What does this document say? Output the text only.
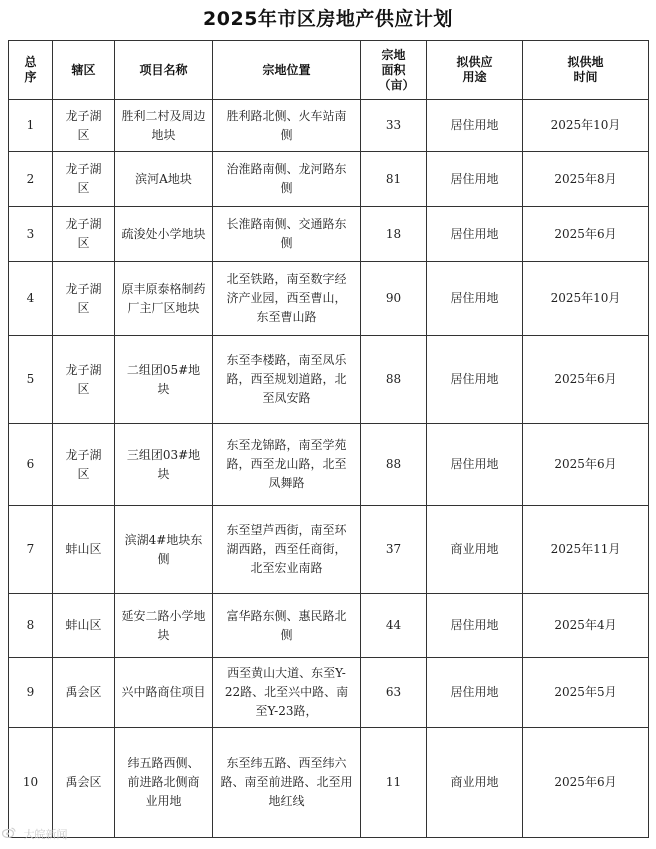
2025年市区房地产供应计划
总序	辖区	项目名称	宗地位置	宗地面积（亩）	拟供应用途	拟供地时间
1	龙子湖区	胜利二村及周边地块	胜利路北侧、火车站南侧	33	居住用地	2025年10月
2	龙子湖区	滨河A地块	治淮路南侧、龙河路东侧	81	居住用地	2025年8月
3	龙子湖区	疏浚处小学地块	长淮路南侧、交通路东侧	18	居住用地	2025年6月
4	龙子湖区	原丰原泰格制药厂主厂区地块	北至铁路，南至数字经济产业园，西至曹山，东至曹山路	90	居住用地	2025年10月
5	龙子湖区	二组团05#地块	东至李楼路，南至凤乐路，西至规划道路，北至凤安路	88	居住用地	2025年6月
6	龙子湖区	三组团03#地块	东至龙锦路，南至学苑路，西至龙山路，北至凤舞路	88	居住用地	2025年6月
7	蚌山区	滨湖4#地块东侧	东至望芦西街，南至环湖西路，西至任商街，北至宏业南路	37	商业用地	2025年11月
8	蚌山区	延安二路小学地块	富华路东侧、惠民路北侧	44	居住用地	2025年4月
9	禹会区	兴中路商住项目	西至黄山大道、东至Y-22路、北至兴中路、南至Y-23路，	63	居住用地	2025年5月
10	禹会区	纬五路西侧、前进路北侧商业用地	东至纬五路、西至纬六路、南至前进路、北至用地红线	11	商业用地	2025年6月
大皖新闻
